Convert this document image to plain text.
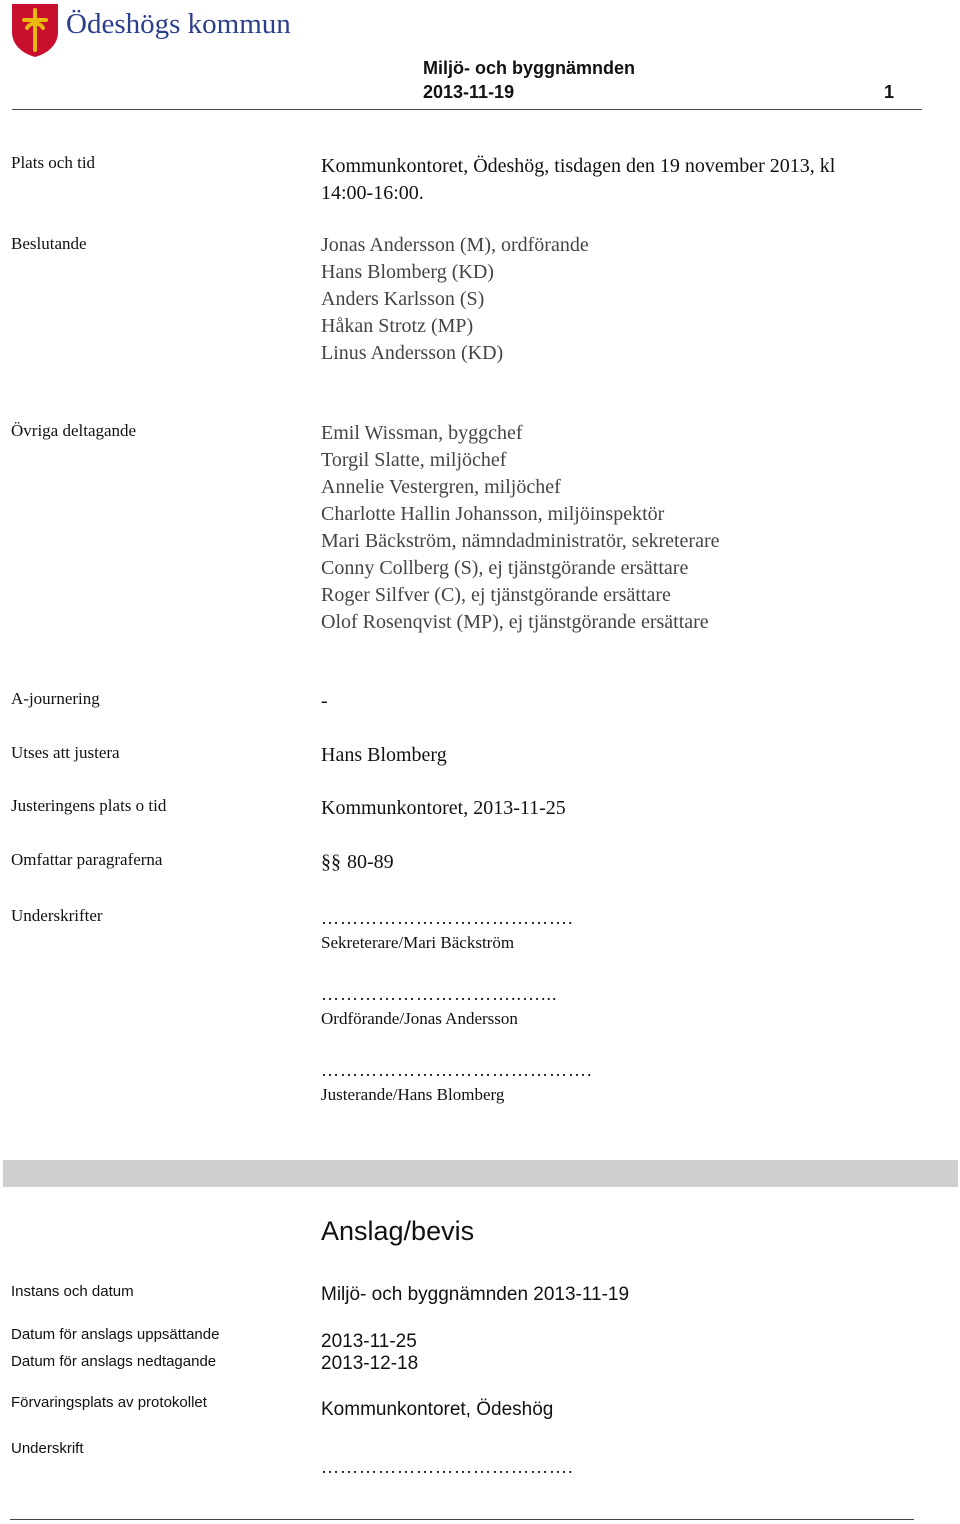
Ödeshögs kommun
Miljö- och byggnämnden
2013-11-19	1
Plats och tid	Kommunkontoret, Ödeshög, tisdagen den 19 november 2013, kl
14:00-16:00.
Beslutande	Jonas Andersson (M), ordförande
Hans Blomberg (KD)
Anders Karlsson (S)
Håkan Strotz (MP)
Linus Andersson (KD)
Övriga deltagande	Emil Wissman, byggchef
Torgil Slatte, miljöchef
Annelie Vestergren, miljöchef
Charlotte Hallin Johansson, miljöinspektör
Mari Bäckström, nämndadministratör, sekreterare
Conny Collberg (S), ej tjänstgörande ersättare
Roger Silfver (C), ej tjänstgörande ersättare
Olof Rosenqvist (MP), ej tjänstgörande ersättare
A-journering	-
Utses att justera	Hans Blomberg
Justeringens plats o tid	Kommunkontoret, 2013-11-25
Omfattar paragraferna	§§ 80-89
Underskrifter	………………………………….
Sekreterare/Mari Bäckström
…………………………..…...
Ordförande/Jonas Andersson
…………………………………….
Justerande/Hans Blomberg
Anslag/bevis
Instans och datum	Miljö- och byggnämnden 2013-11-19
Datum för anslags uppsättande	2013-11-25
Datum för anslags nedtagande	2013-12-18
Förvaringsplats av protokollet	Kommunkontoret, Ödeshög
Underskrift
………………………………….
